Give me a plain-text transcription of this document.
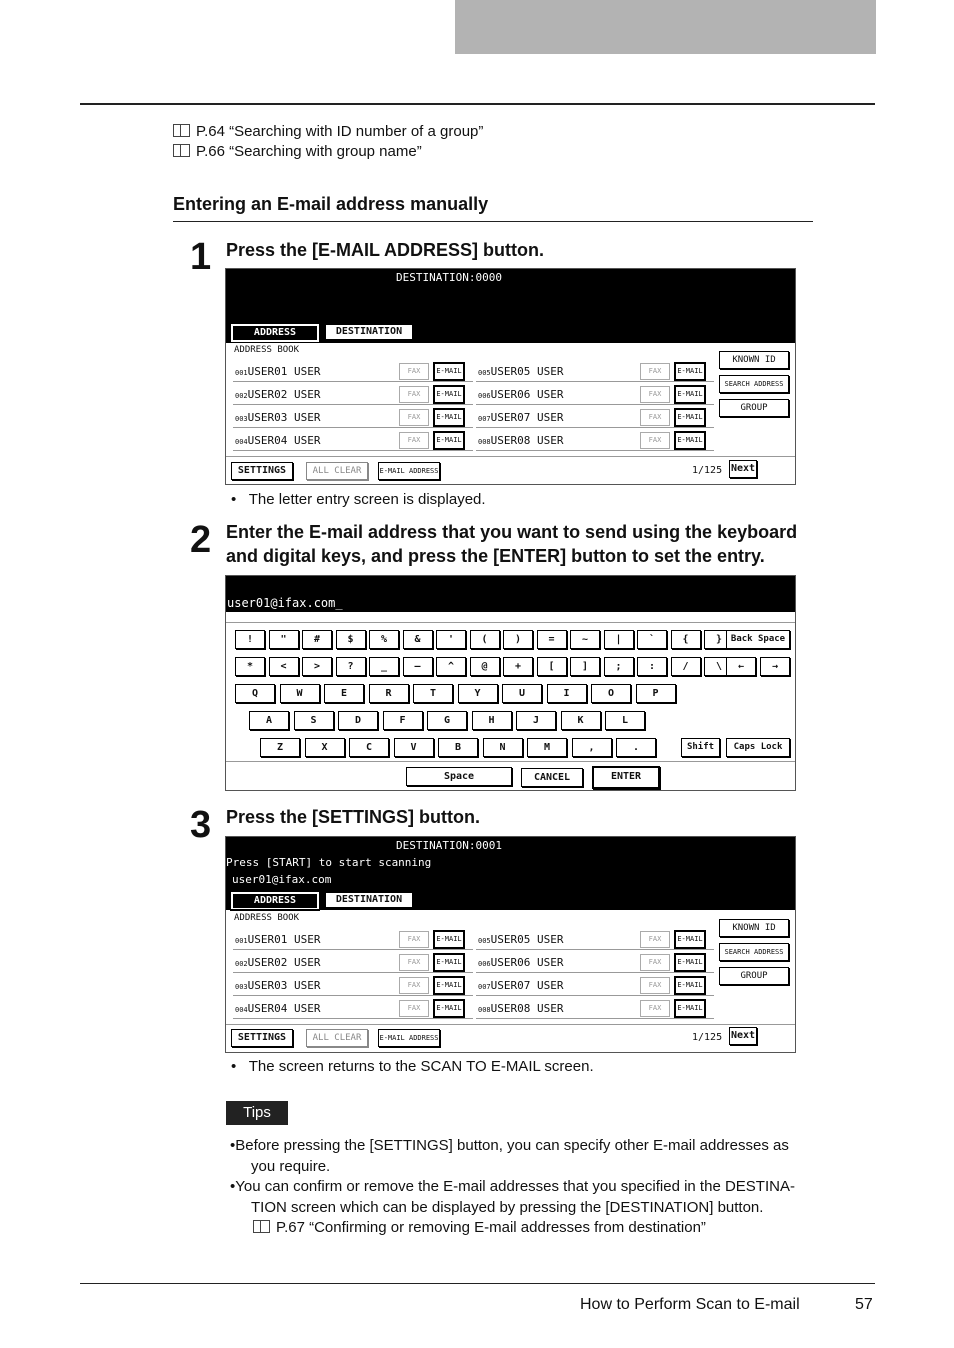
P.64 “Searching with ID number of a group”
P.66 “Searching with group name”
Entering an E-mail address manually
1 Press the [E-MAIL ADDRESS] button.
DESTINATION:0000
ADDRESS	DESTINATION
ADDRESS BOOK
001USER01 USER	FAX	E-MAIL
002USER02 USER	FAX	E-MAIL
003USER03 USER	FAX	E-MAIL
004USER04 USER	FAX	E-MAIL
005USER05 USER	FAX	E-MAIL
006USER06 USER	FAX	E-MAIL
007USER07 USER	FAX	E-MAIL
008USER08 USER	FAX	E-MAIL
KNOWN ID
SEARCH ADDRESS
GROUP
SETTINGS	ALL CLEAR	E-MAIL ADDRESS	1/125 Next
•   The letter entry screen is displayed.
2 Enter the E-mail address that you want to send using the keyboard
and digital keys, and press the [ENTER] button to set the entry.
user01@ifax.com_
!	"	#	$	%	&	'	(	)	=	~	|	`	{	}
*	<	>	?	_	—	^	@	+	[	]	;	:	/	\
Q	W	E	R	T	Y	U	I	O	P
A	S	D	F	G	H	J	K	L
Z	X	C	V	B	N	M	,	.
Back Space
←	→
Shift	Caps Lock
Space	CANCEL	ENTER
3 Press the [SETTINGS] button.
DESTINATION:0001
Press [START] to start scanning
user01@ifax.com
ADDRESS	DESTINATION
ADDRESS BOOK
001USER01 USER	FAX	E-MAIL
002USER02 USER	FAX	E-MAIL
003USER03 USER	FAX	E-MAIL
004USER04 USER	FAX	E-MAIL
005USER05 USER	FAX	E-MAIL
006USER06 USER	FAX	E-MAIL
007USER07 USER	FAX	E-MAIL
008USER08 USER	FAX	E-MAIL
KNOWN ID
SEARCH ADDRESS
GROUP
SETTINGS	ALL CLEAR	E-MAIL ADDRESS	1/125 Next
•   The screen returns to the SCAN TO E-MAIL screen.
Tips
•Before pressing the [SETTINGS] button, you can specify other E-mail addresses as
you require.
•You can confirm or remove the E-mail addresses that you specified in the DESTINA-
TION screen which can be displayed by pressing the [DESTINATION] button.
P.67 “Confirming or removing E-mail addresses from destination”
How to Perform Scan to E-mail	57
